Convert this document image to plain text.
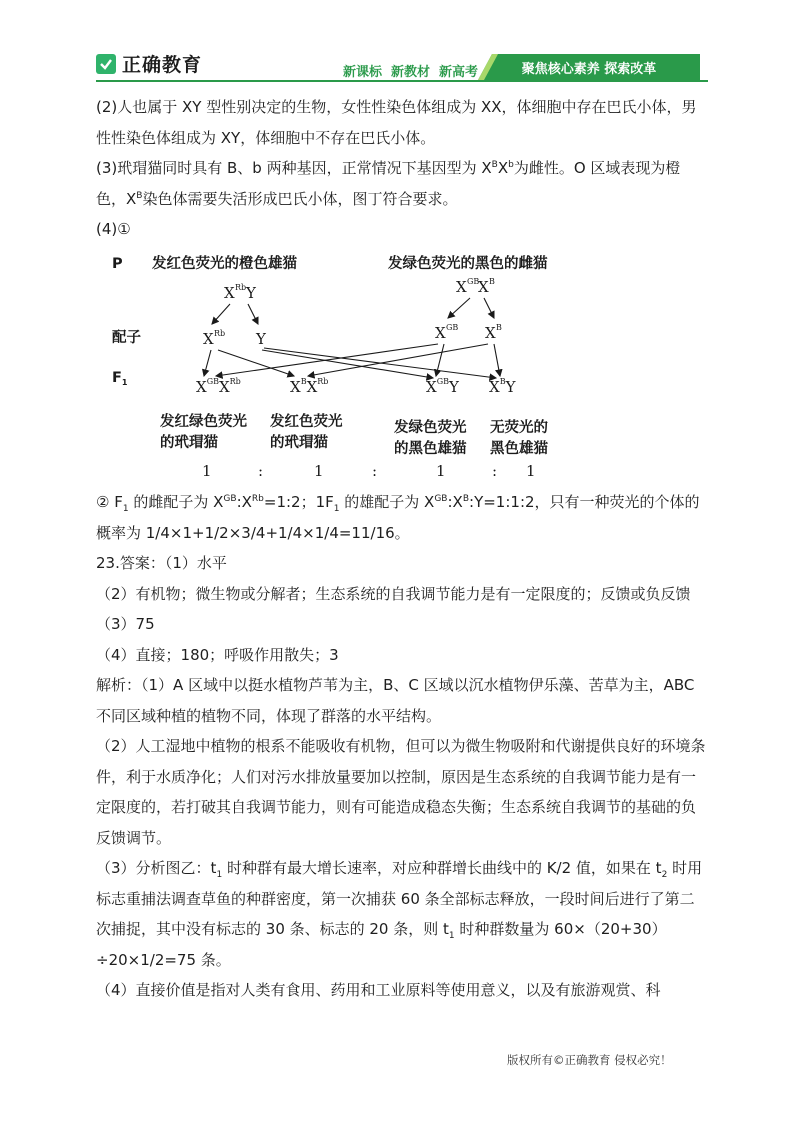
正确教育	新课标 新教材 新高考	聚焦核心素养 探索改革

(2)人也属于 XY 型性别决定的生物，女性性染色体组成为 XX，体细胞中存在巴氏小体，男性性染色体组成为 XY，体细胞中不存在巴氏小体。

(3)玳瑁猫同时具有 B、b 两种基因，正常情况下基因型为 $X^BX^b$为雌性。O 区域表现为橙色，$X^B$染色体需要失活形成巴氏小体，图丁符合要求。

(4)①

P 发红色荧光的橙色雄猫	发绿色荧光的黑色的雌猫
X Rb Y	X GB
X B
配子	X Rb Y	X GB X B
$F_1$	$X^{GB}X^{Rb}$	$X^BX^{Rb}$	$X^{GB}Y$ $X^BY$
发红绿色荧光
的玳瑁猫
发红色荧光
的玳瑁猫
发绿色荧光
的黑色雄猫
无荧光的
黑色雄猫
1	:	1	:	1	: 1

② $F_1$ 的雌配子为 $X^{GB}:X^{Rb}=1:2$；$1F_1$ 的雄配子为 $X^{GB}:X^B:Y=1:1:2$，只有一种荧光的个体的概率为 1/4×1+1/2×3/4+1/4×1/4=11/16。

23.答案：（1）水平

（2）有机物；微生物或分解者；生态系统的自我调节能力是有一定限度的；反馈或负反馈

（3）75

（4）直接；180；呼吸作用散失；3

解析：（1）A 区域中以挺水植物芦苇为主，B、C 区域以沉水植物伊乐藻、苦草为主，ABC 不同区域种植的植物不同，体现了群落的水平结构。

（2）人工湿地中植物的根系不能吸收有机物，但可以为微生物吸附和代谢提供良好的环境条件，利于水质净化；人们对污水排放量要加以控制，原因是生态系统的自我调节能力是有一定限度的，若打破其自我调节能力，则有可能造成稳态失衡；生态系统自我调节的基础的负反馈调节。

（3）分析图乙：$t_1$ 时种群有最大增长速率，对应种群增长曲线中的 K/2 值，如果在 $t_2$ 时用标志重捕法调查草鱼的种群密度，第一次捕获 60 条全部标志释放，一段时间后进行了第二次捕捉，其中没有标志的 30 条、标志的 20 条，则 $t_1$ 时种群数量为 60×（20+30）÷20×1/2=75 条。

（4）直接价值是指对人类有食用、药用和工业原料等使用意义，以及有旅游观赏、科

版权所有©正确教育 侵权必究！
